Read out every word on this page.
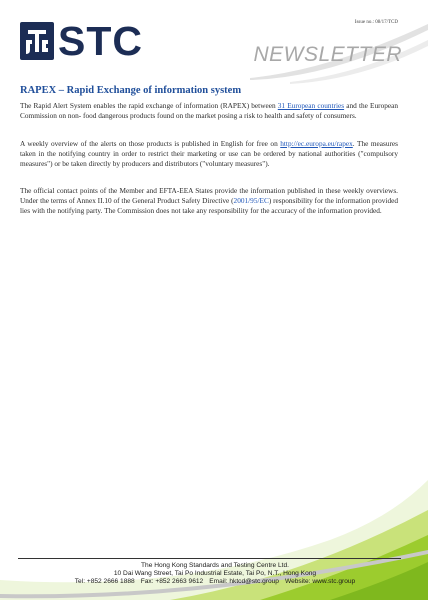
Issue no.: 08/17/TCD
STC	NEWSLETTER
RAPEX – Rapid Exchange of information system

The Rapid Alert System enables the rapid exchange of information (RAPEX) between 31 European countries and the European Commission on non- food dangerous products found on the market posing a risk to health and safety of consumers.

A weekly overview of the alerts on those products is published in English for free on http://ec.europa.eu/rapex. The measures taken in the notifying country in order to restrict their marketing or use can be ordered by national authorities ("compulsory measures") or be taken directly by producers and distributors ("voluntary measures").

The official contact points of the Member and EFTA-EEA States provide the information published in these weekly overviews. Under the terms of Annex II.10 of the General Product Safety Directive (2001/95/EC) responsibility for the information provided lies with the notifying party. The Commission does not take any responsibility for the accuracy of the information provided.

The Hong Kong Standards and Testing Centre Ltd.
10 Dai Wang Street, Tai Po Industrial Estate, Tai Po, N.T., Hong Kong
Tel: +852 2666 1888 Fax: +852 2663 9612 Email: hktcd@stc.group Website: www.stc.group
